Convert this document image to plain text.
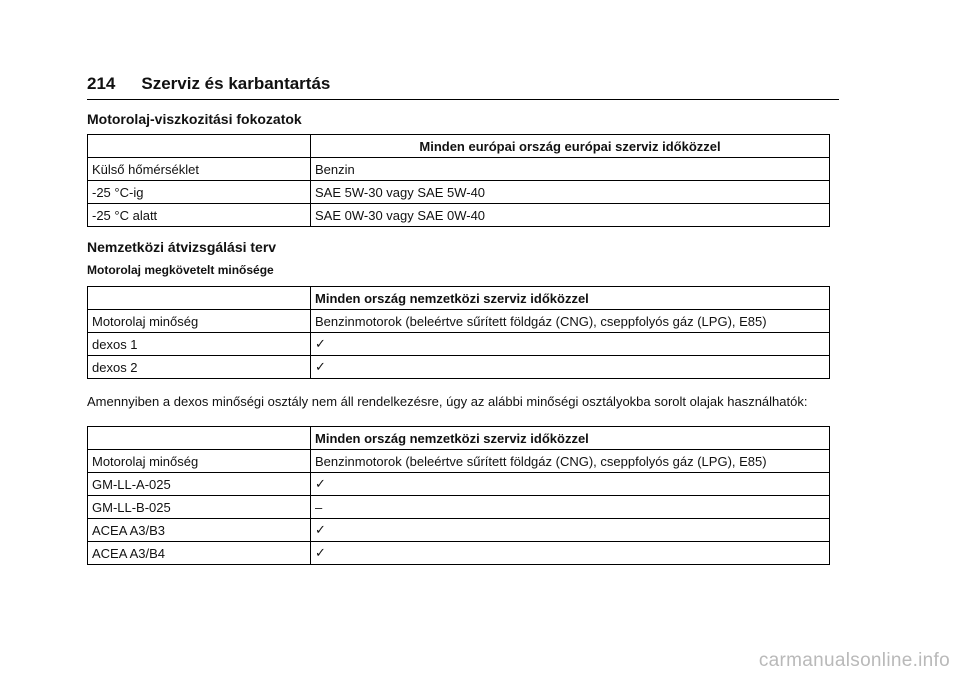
214 Szerviz és karbantartás
Motorolaj-viszkozitási fokozatok
	Minden európai ország európai szerviz időközzel
Külső hőmérséklet	Benzin
-25 °C-ig	SAE 5W-30 vagy SAE 5W-40
-25 °C alatt	SAE 0W-30 vagy SAE 0W-40
Nemzetközi átvizsgálási terv
Motorolaj megkövetelt minősége
	Minden ország nemzetközi szerviz időközzel
Motorolaj minőség	Benzinmotorok (beleértve sűrített földgáz (CNG), cseppfolyós gáz (LPG), E85)
dexos 1	✓
dexos 2	✓

Amennyiben a dexos minőségi osztály nem áll rendelkezésre, úgy az alábbi minőségi osztályokba sorolt olajak használhatók:

	Minden ország nemzetközi szerviz időközzel
Motorolaj minőség	Benzinmotorok (beleértve sűrített földgáz (CNG), cseppfolyós gáz (LPG), E85)
GM-LL-A-025	✓
GM-LL-B-025	–
ACEA A3/B3	✓
ACEA A3/B4	✓
carmanualsonline.info
